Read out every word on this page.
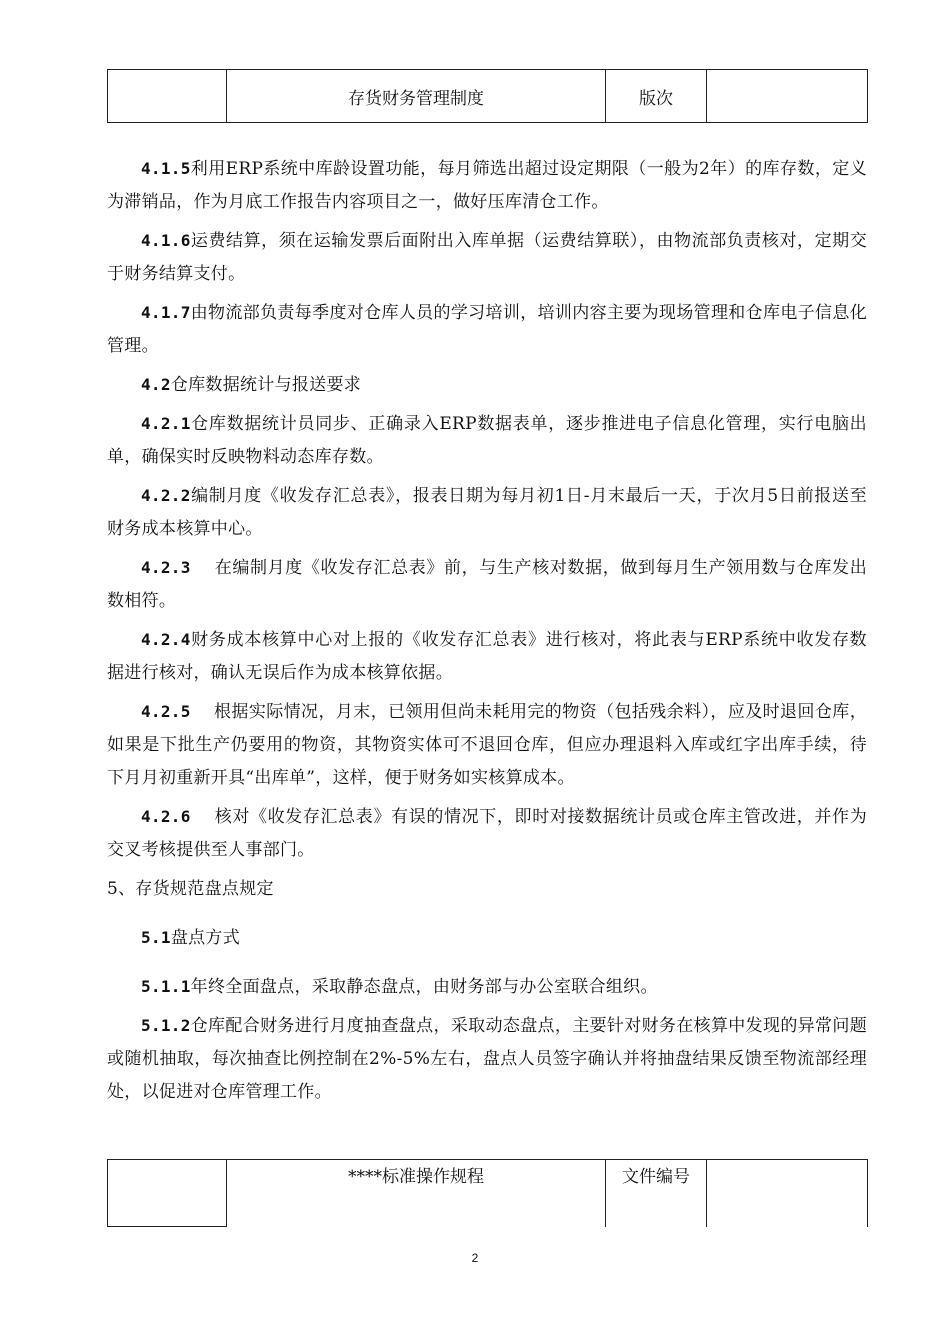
	存货财务管理制度	版次	

4.1.5利用ERP系统中库龄设置功能，每月筛选出超过设定期限（一般为2年）的库存数，定义为滞销品，作为月底工作报告内容项目之一，做好压库清仓工作。

4.1.6运费结算，须在运输发票后面附出入库单据（运费结算联），由物流部负责核对，定期交于财务结算支付。

4.1.7由物流部负责每季度对仓库人员的学习培训，培训内容主要为现场管理和仓库电子信息化管理。

4.2仓库数据统计与报送要求

4.2.1仓库数据统计员同步、正确录入ERP数据表单，逐步推进电子信息化管理，实行电脑出单，确保实时反映物料动态库存数。

4.2.2编制月度《收发存汇总表》，报表日期为每月初1日-月末最后一天，于次月5日前报送至财务成本核算中心。

4.2.3　 在编制月度《收发存汇总表》前，与生产核对数据，做到每月生产领用数与仓库发出数相符。

4.2.4财务成本核算中心对上报的《收发存汇总表》进行核对，将此表与ERP系统中收发存数据进行核对，确认无误后作为成本核算依据。

4.2.5　 根据实际情况，月末，已领用但尚未耗用完的物资（包括残余料），应及时退回仓库，如果是下批生产仍要用的物资，其物资实体可不退回仓库，但应办理退料入库或红字出库手续，待下月月初重新开具“出库单”，这样，便于财务如实核算成本。

4.2.6　 核对《收发存汇总表》有误的情况下，即时对接数据统计员或仓库主管改进，并作为交叉考核提供至人事部门。

5、存货规范盘点规定

5.1盘点方式

5.1.1年终全面盘点，采取静态盘点，由财务部与办公室联合组织。

5.1.2仓库配合财务进行月度抽查盘点，采取动态盘点，主要针对财务在核算中发现的异常问题或随机抽取，每次抽查比例控制在2%-5%左右，盘点人员签字确认并将抽盘结果反馈至物流部经理处，以促进对仓库管理工作。

	****标准操作规程	文件编号	
2
